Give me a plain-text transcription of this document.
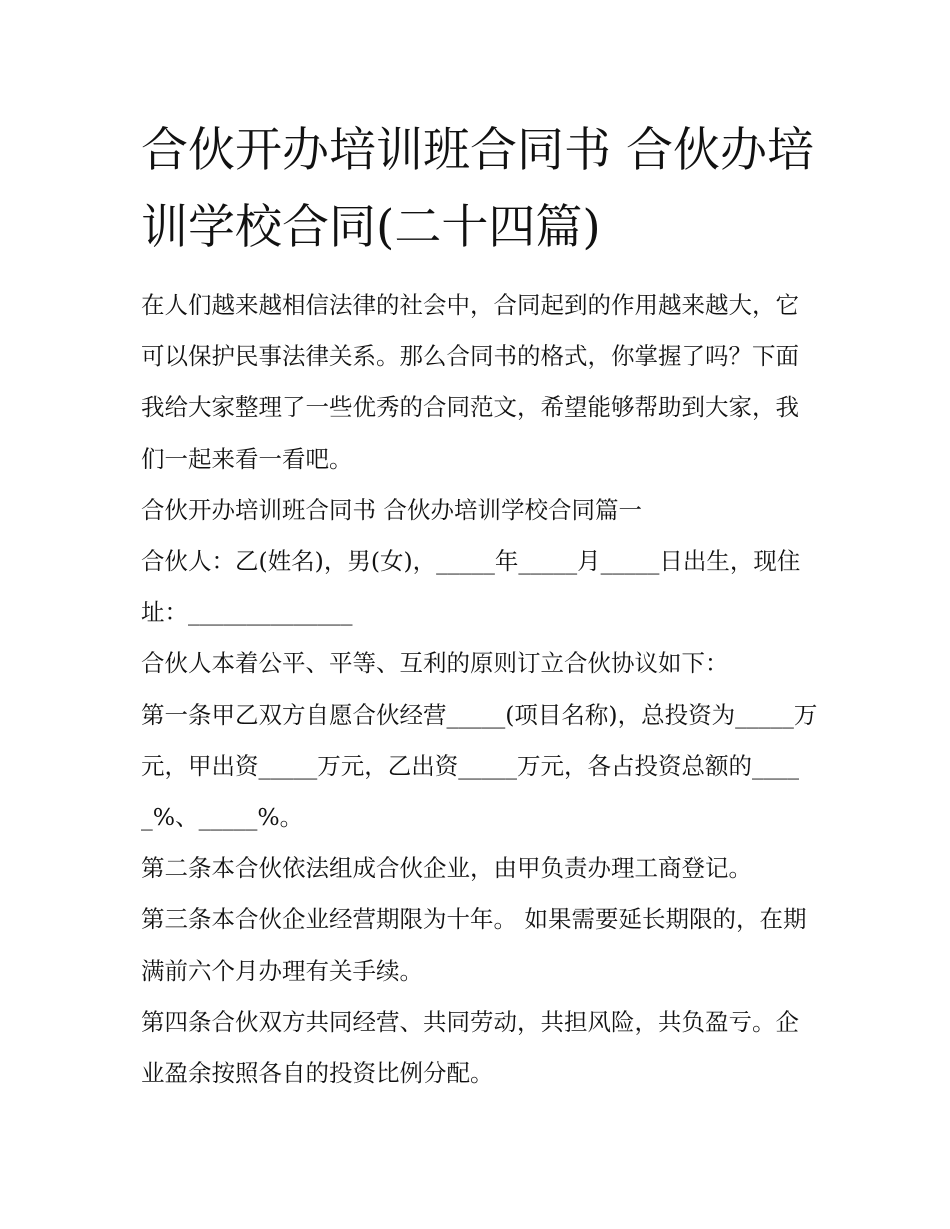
合伙开办培训班合同书 合伙办培训学校合同(二十四篇)

在人们越来越相信法律的社会中，合同起到的作用越来越大，它可以保护民事法律关系。那么合同书的格式，你掌握了吗？下面我给大家整理了一些优秀的合同范文，希望能够帮助到大家，我们一起来看一看吧。

合伙开办培训班合同书 合伙办培训学校合同篇一

合伙人：乙(姓名)，男(女)，_____年_____月_____日出生，现住址：______________

合伙人本着公平、平等、互利的原则订立合伙协议如下：

第一条甲乙双方自愿合伙经营_____(项目名称)，总投资为_____万元，甲出资_____万元，乙出资_____万元，各占投资总额的_____%、_____%。

第二条本合伙依法组成合伙企业，由甲负责办理工商登记。

第三条本合伙企业经营期限为十年。 如果需要延长期限的，在期满前六个月办理有关手续。

第四条合伙双方共同经营、共同劳动，共担风险，共负盈亏。企业盈余按照各自的投资比例分配。
